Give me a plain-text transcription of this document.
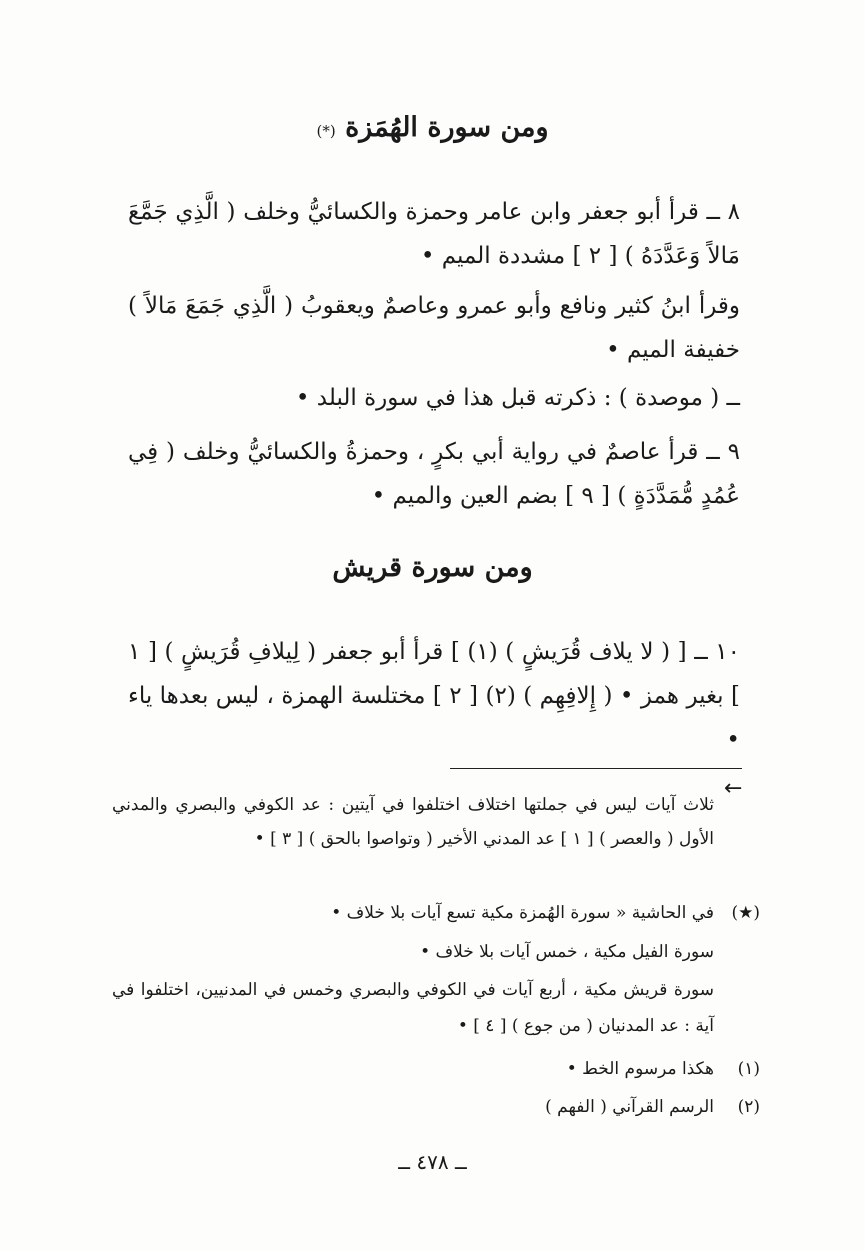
ومن سورة الهُمَزة (*)
٨ ــ قرأ أبو جعفر وابن عامر وحمزة والكسائيُّ وخلف ( الَّذِي جَمَّعَ مَالاً وَعَدَّدَهُ ) [ ٢ ] مشددة الميم •
وقرأ ابنُ كثير ونافع وأبو عمرو وعاصمٌ ويعقوبُ ( الَّذِي جَمَعَ مَالاً ) خفيفة الميم •
ــ ( موصدة ) : ذكرته قبل هذا في سورة البلد •
٩ ــ قرأ عاصمٌ في رواية أبي بكرٍ ، وحمزةُ والكسائيُّ وخلف ( فِي عُمُدٍ مُّمَدَّدَةٍ ) [ ٩ ] بضم العين والميم •
ومن سورة قريش
١٠ ــ [ ( لا يلاف قُرَيشٍ ) (١) ] قرأ أبو جعفر ( لِيلافِ قُرَيشٍ ) [ ١ ] بغير همز • ( إِلافِهِم ) (٢) [ ٢ ] مختلسة الهمزة ، ليس بعدها ياء •
←
ثلاث آيات ليس في جملتها اختلاف اختلفوا في آيتين : عد الكوفي والبصري والمدني الأول ( والعصر ) [ ١ ] عد المدني الأخير ( وتواصوا بالحق ) [ ٣ ] •
(★)في الحاشية « سورة الهُمزة مكية تسع آيات بلا خلاف •
سورة الفيل مكية ، خمس آيات بلا خلاف •
سورة قريش مكية ، أربع آيات في الكوفي والبصري وخمس في المدنيين، اختلفوا في آية : عد المدنيان ( من جوع ) [ ٤ ] •
(١)هكذا مرسوم الخط •
(٢)الرسم القرآني ( الفهم )
ــ ٤٧٨ ــ
